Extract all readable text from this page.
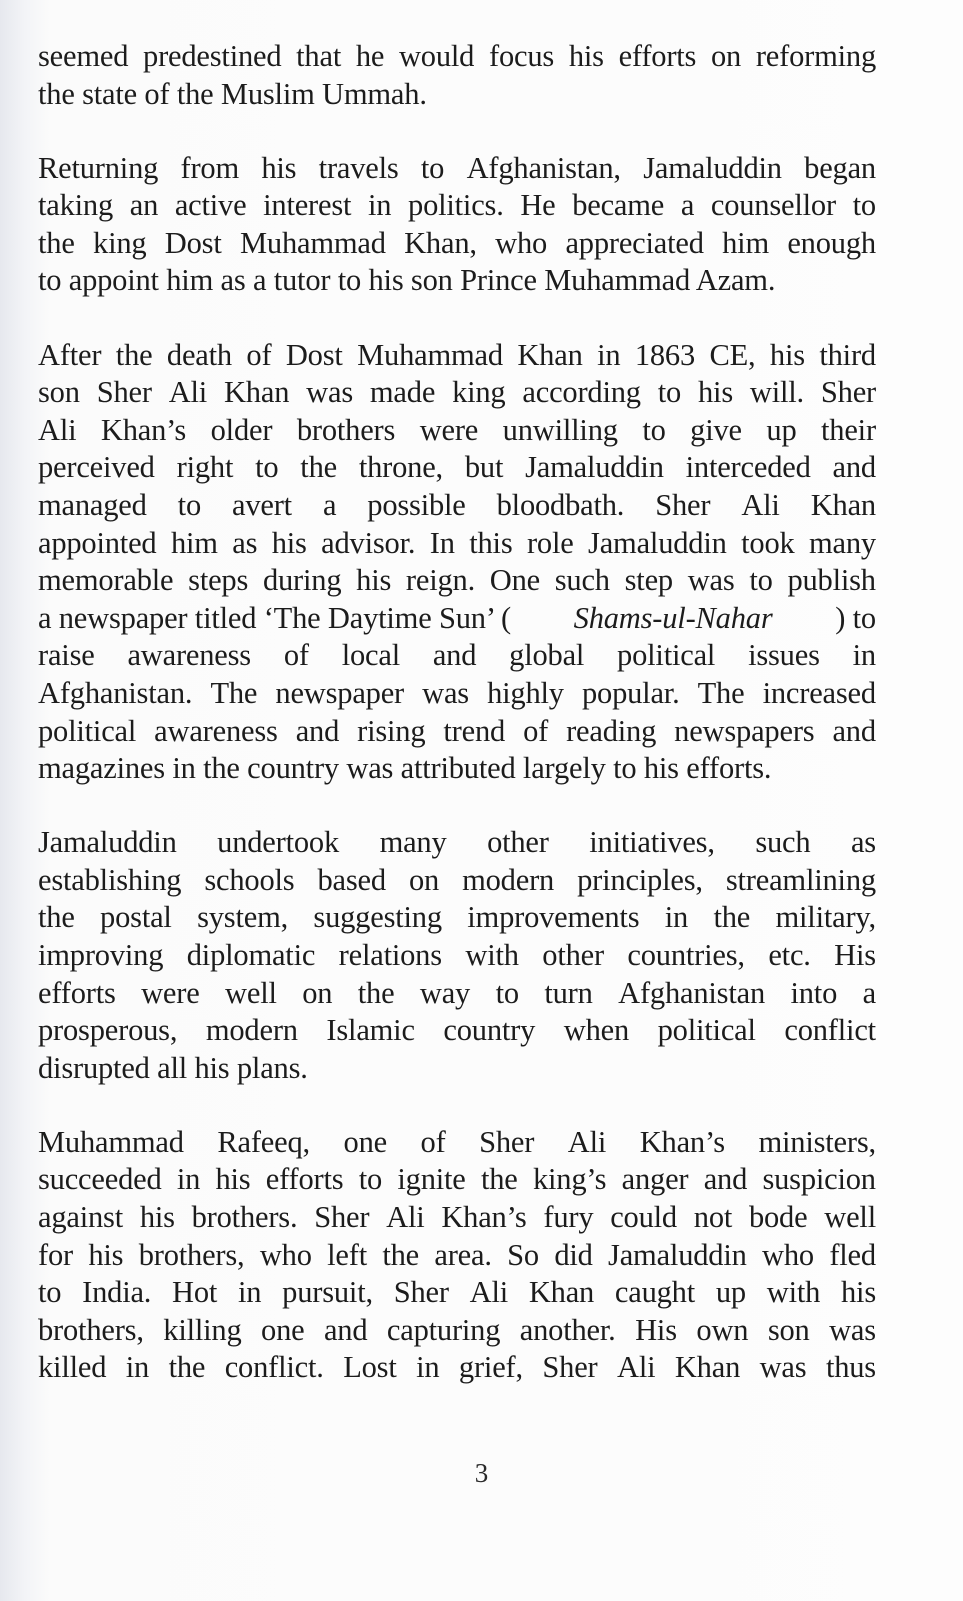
seemed predestined that he would focus his efforts on reforming
the state of the Muslim Ummah.
Returning from his travels to Afghanistan, Jamaluddin began
taking an active interest in politics. He became a counsellor to
the king Dost Muhammad Khan, who appreciated him enough
to appoint him as a tutor to his son Prince Muhammad Azam.
After the death of Dost Muhammad Khan in 1863 CE, his third
son Sher Ali Khan was made king according to his will. Sher
Ali Khan’s older brothers were unwilling to give up their
perceived right to the throne, but Jamaluddin interceded and
managed to avert a possible bloodbath. Sher Ali Khan
appointed him as his advisor. In this role Jamaluddin took many
memorable steps during his reign. One such step was to publish
a newspaper titled ‘The Daytime Sun’ ( Shams-ul-Nahar ) to
raise awareness of local and global political issues in
Afghanistan. The newspaper was highly popular. The increased
political awareness and rising trend of reading newspapers and
magazines in the country was attributed largely to his efforts.
Jamaluddin undertook many other initiatives, such as
establishing schools based on modern principles, streamlining
the postal system, suggesting improvements in the military,
improving diplomatic relations with other countries, etc. His
efforts were well on the way to turn Afghanistan into a
prosperous, modern Islamic country when political conflict
disrupted all his plans.
Muhammad Rafeeq, one of Sher Ali Khan’s ministers,
succeeded in his efforts to ignite the king’s anger and suspicion
against his brothers. Sher Ali Khan’s fury could not bode well
for his brothers, who left the area. So did Jamaluddin who fled
to India. Hot in pursuit, Sher Ali Khan caught up with his
brothers, killing one and capturing another. His own son was
killed in the conflict. Lost in grief, Sher Ali Khan was thus
3
